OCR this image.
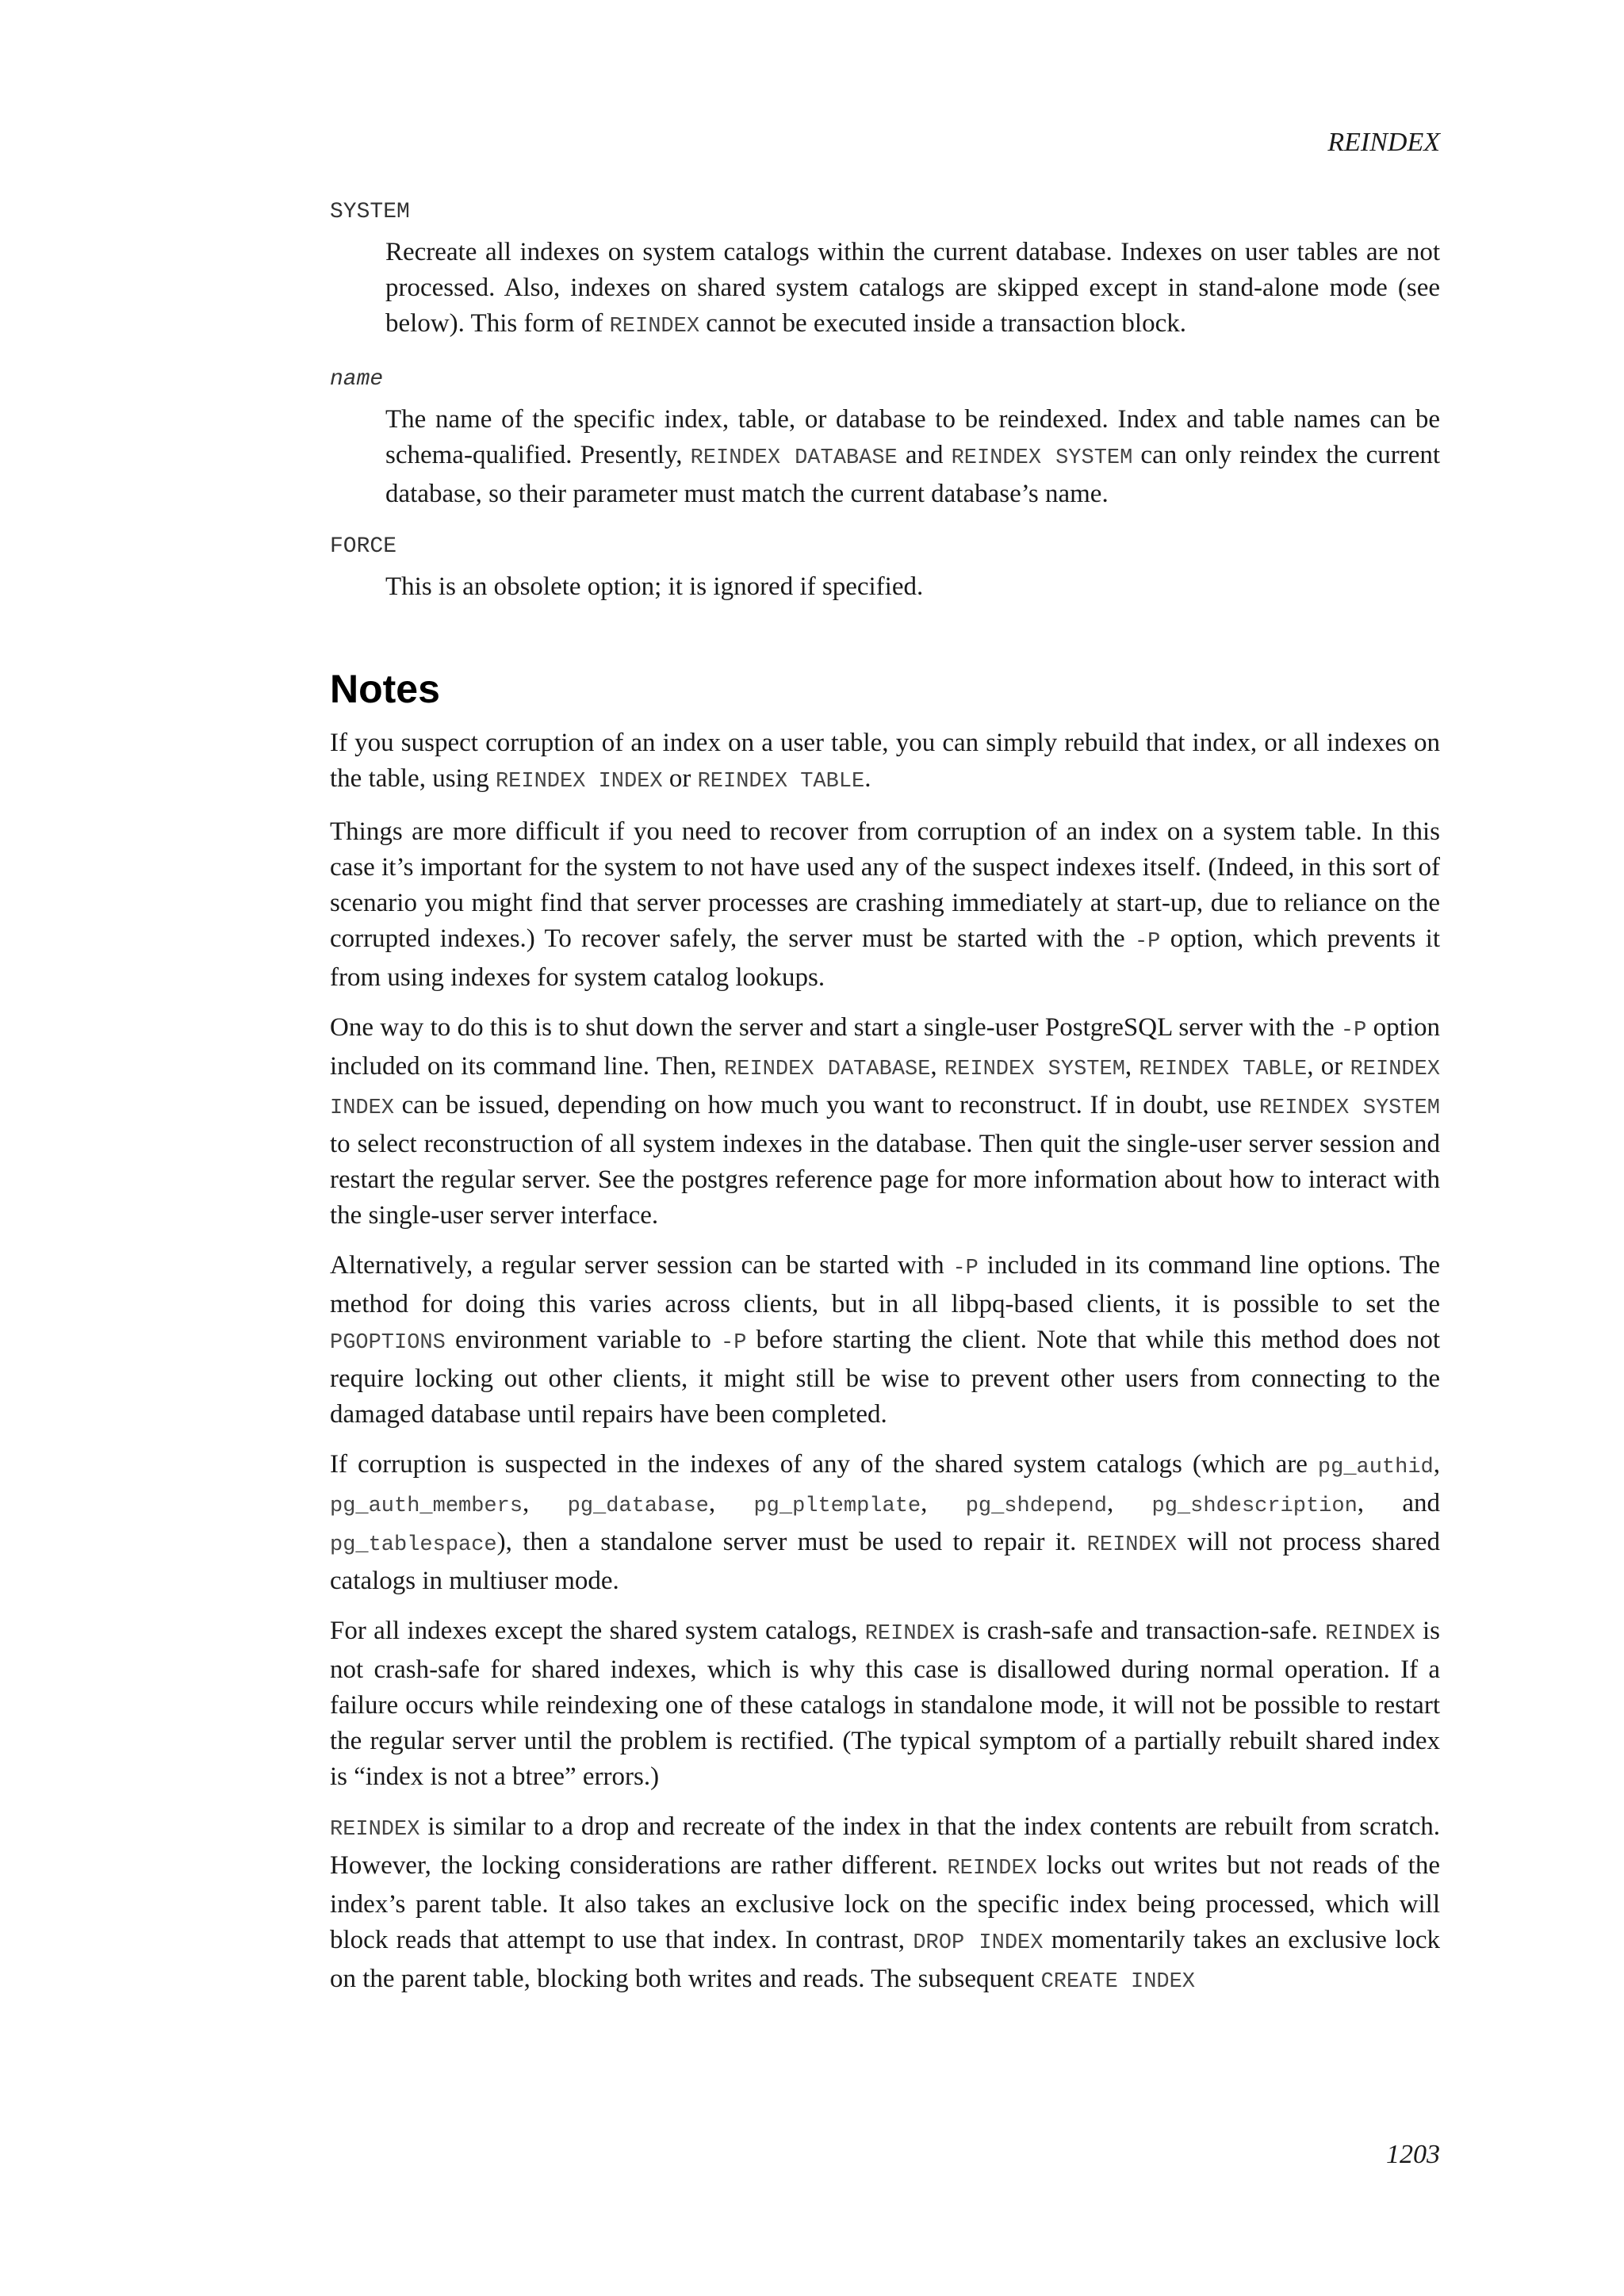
REINDEX

SYSTEM

Recreate all indexes on system catalogs within the current database. Indexes on user tables are not processed. Also, indexes on shared system catalogs are skipped except in stand-alone mode (see below). This form of REINDEX cannot be executed inside a transaction block.

name

The name of the specific index, table, or database to be reindexed. Index and table names can be schema-qualified. Presently, REINDEX DATABASE and REINDEX SYSTEM can only reindex the current database, so their parameter must match the current database’s name.

FORCE

This is an obsolete option; it is ignored if specified.

Notes

If you suspect corruption of an index on a user table, you can simply rebuild that index, or all indexes on the table, using REINDEX INDEX or REINDEX TABLE.

Things are more difficult if you need to recover from corruption of an index on a system table. In this case it’s important for the system to not have used any of the suspect indexes itself. (Indeed, in this sort of scenario you might find that server processes are crashing immediately at start-up, due to reliance on the corrupted indexes.) To recover safely, the server must be started with the -P option, which prevents it from using indexes for system catalog lookups.

One way to do this is to shut down the server and start a single-user PostgreSQL server with the -P option included on its command line. Then, REINDEX DATABASE, REINDEX SYSTEM, REINDEX TABLE, or REINDEX INDEX can be issued, depending on how much you want to reconstruct. If in doubt, use REINDEX SYSTEM to select reconstruction of all system indexes in the database. Then quit the single-user server session and restart the regular server. See the postgres reference page for more information about how to interact with the single-user server interface.

Alternatively, a regular server session can be started with -P included in its command line options. The method for doing this varies across clients, but in all libpq-based clients, it is possible to set the PGOPTIONS environment variable to -P before starting the client. Note that while this method does not require locking out other clients, it might still be wise to prevent other users from connecting to the damaged database until repairs have been completed.

If corruption is suspected in the indexes of any of the shared system catalogs (which are pg_authid, pg_auth_members, pg_database, pg_pltemplate, pg_shdepend, pg_shdescription, and pg_tablespace), then a standalone server must be used to repair it. REINDEX will not process shared catalogs in multiuser mode.

For all indexes except the shared system catalogs, REINDEX is crash-safe and transaction-safe. REINDEX is not crash-safe for shared indexes, which is why this case is disallowed during normal operation. If a failure occurs while reindexing one of these catalogs in standalone mode, it will not be possible to restart the regular server until the problem is rectified. (The typical symptom of a partially rebuilt shared index is “index is not a btree” errors.)

REINDEX is similar to a drop and recreate of the index in that the index contents are rebuilt from scratch. However, the locking considerations are rather different. REINDEX locks out writes but not reads of the index’s parent table. It also takes an exclusive lock on the specific index being processed, which will block reads that attempt to use that index. In contrast, DROP INDEX momentarily takes an exclusive lock on the parent table, blocking both writes and reads. The subsequent CREATE INDEX

1203
